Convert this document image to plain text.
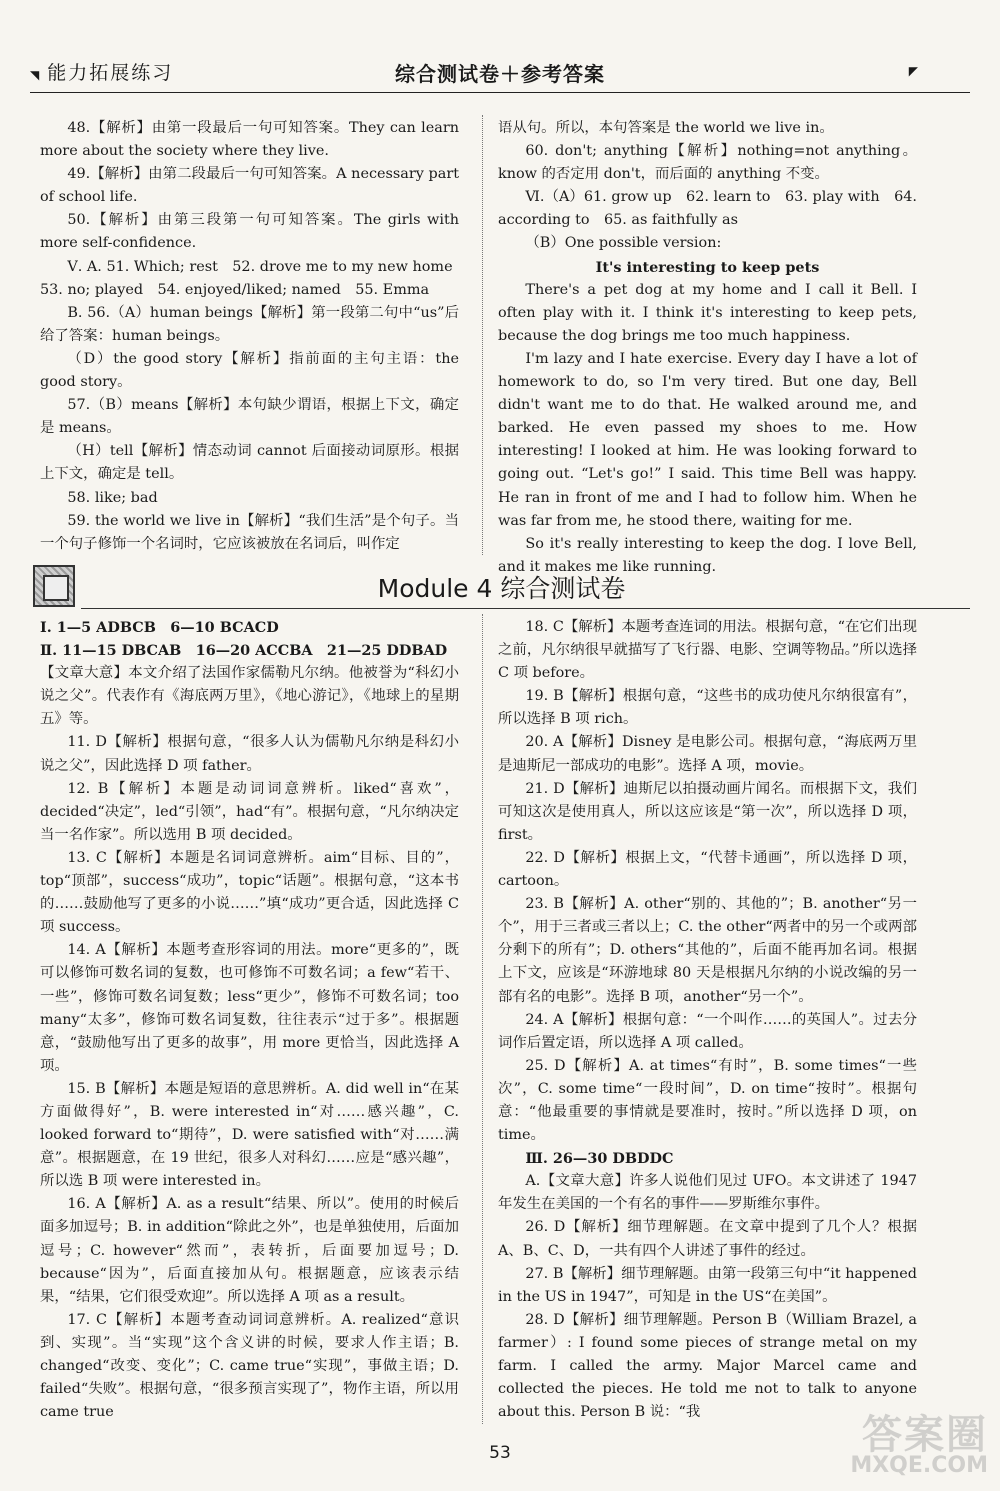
◥ 能力拓展练习	综合测试卷＋参考答案	◤

48.【解析】由第一段最后一句可知答案。They can learn more about the society where they live.

49.【解析】由第二段最后一句可知答案。A necessary part of school life.

50.【解析】由第三段第一句可知答案。The girls with more self-confidence.

Ⅴ. A. 51. Which; rest　52. drove me to my new home

53. no; played　54. enjoyed/liked; named　55. Emma

B. 56.（A）human beings【解析】第一段第二句中“us”后给了答案：human beings。

（D）the good story【解析】指前面的主句主语：the good story。

57.（B）means【解析】本句缺少谓语，根据上下文，确定是 means。

（H）tell【解析】情态动词 cannot 后面接动词原形。根据上下文，确定是 tell。

58. like; bad

59. the world we live in【解析】“我们生活”是个句子。当一个句子修饰一个名词时，它应该被放在名词后，叫作定

语从句。所以，本句答案是 the world we live in。

60. don't; anything【解析】nothing=not anything。know 的否定用 don't，而后面的 anything 不变。

Ⅵ.（A）61. grow up　62. learn to　63. play with　64. according to　65. as faithfully as

（B）One possible version:

It's interesting to keep pets

There's a pet dog at my home and I call it Bell. I often play with it. I think it's interesting to keep pets, because the dog brings me too much happiness.

I'm lazy and I hate exercise. Every day I have a lot of homework to do, so I'm very tired. But one day, Bell didn't want me to do that. He walked around me, and barked. He even passed my shoes to me. How interesting! I looked at him. He was looking forward to going out. “Let's go!” I said. This time Bell was happy. He ran in front of me and I had to follow him. When he was far from me, he stood there, waiting for me.

So it's really interesting to keep the dog. I love Bell, and it makes me like running.

Module 4 综合测试卷

Ⅰ. 1—5 ADBCB　6—10 BCACD

Ⅱ. 11—15 DBCAB　16—20 ACCBA　21—25 DDBAD

【文章大意】本文介绍了法国作家儒勒凡尔纳。他被誉为“科幻小说之父”。代表作有《海底两万里》，《地心游记》，《地球上的星期五》等。

11. D【解析】根据句意，“很多人认为儒勒凡尔纳是科幻小说之父”，因此选择 D 项 father。

12. B【解析】本题是动词词意辨析。liked“喜欢”，decided“决定”，led“引领”，had“有”。根据句意，“凡尔纳决定当一名作家”。所以选用 B 项 decided。

13. C【解析】本题是名词词意辨析。aim“目标、目的”，top“顶部”，success“成功”，topic“话题”。根据句意，“这本书的……鼓励他写了更多的小说……”填“成功”更合适，因此选择 C 项 success。

14. A【解析】本题考查形容词的用法。more“更多的”，既可以修饰可数名词的复数，也可修饰不可数名词；a few“若干、一些”，修饰可数名词复数；less“更少”，修饰不可数名词；too many“太多”，修饰可数名词复数，往往表示“过于多”。根据题意，“鼓励他写出了更多的故事”，用 more 更恰当，因此选择 A 项。

15. B【解析】本题是短语的意思辨析。A. did well in“在某方面做得好”，B. were interested in“对……感兴趣”，C. looked forward to“期待”，D. were satisfied with“对……满意”。根据题意，在 19 世纪，很多人对科幻……应是“感兴趣”，所以选 B 项 were interested in。

16. A【解析】A. as a result“结果、所以”。使用的时候后面多加逗号；B. in addition“除此之外”，也是单独使用，后面加逗号；C. however“然而”，表转折，后面要加逗号；D. because“因为”，后面直接加从句。根据题意，应该表示结果，“结果，它们很受欢迎”。所以选择 A 项 as a result。

17. C【解析】本题考查动词词意辨析。A. realized“意识到、实现”。当“实现”这个含义讲的时候，要求人作主语；B. changed“改变、变化”；C. came true“实现”，事做主语；D. failed“失败”。根据句意，“很多预言实现了”，物作主语，所以用 came true

18. C【解析】本题考查连词的用法。根据句意，“在它们出现之前，凡尔纳很早就描写了飞行器、电影、空调等物品。”所以选择 C 项 before。

19. B【解析】根据句意，“这些书的成功使凡尔纳很富有”，所以选择 B 项 rich。

20. A【解析】Disney 是电影公司。根据句意，“海底两万里是迪斯尼一部成功的电影”。选择 A 项，movie。

21. D【解析】迪斯尼以拍摄动画片闻名。而根据下文，我们可知这次是使用真人，所以这应该是“第一次”，所以选择 D 项，first。

22. D【解析】根据上文，“代替卡通画”，所以选择 D 项，cartoon。

23. B【解析】A. other“别的、其他的”；B. another“另一个”，用于三者或三者以上；C. the other“两者中的另一个或两部分剩下的所有”；D. others“其他的”，后面不能再加名词。根据上下文，应该是“环游地球 80 天是根据凡尔纳的小说改编的另一部有名的电影”。选择 B 项，another“另一个”。

24. A【解析】根据句意：“一个叫作……的英国人”。过去分词作后置定语，所以选择 A 项 called。

25. D【解析】A. at times“有时”，B. some times“一些次”，C. some time“一段时间”，D. on time“按时”。根据句意：“他最重要的事情就是要准时，按时。”所以选择 D 项，on time。

Ⅲ. 26—30 DBDDC

A.【文章大意】许多人说他们见过 UFO。本文讲述了 1947 年发生在美国的一个有名的事件——罗斯维尔事件。

26. D【解析】细节理解题。在文章中提到了几个人？根据 A、B、C、D，一共有四个人讲述了事件的经过。

27. B【解析】细节理解题。由第一段第三句中“it happened in the US in 1947”，可知是 in the US“在美国”。

28. D【解析】细节理解题。Person B（William Brazel, a farmer）: I found some pieces of strange metal on my farm. I called the army. Major Marcel came and collected the pieces. He told me not to talk to anyone about this. Person B 说：“我

53	答案圈
MXQE.COM
